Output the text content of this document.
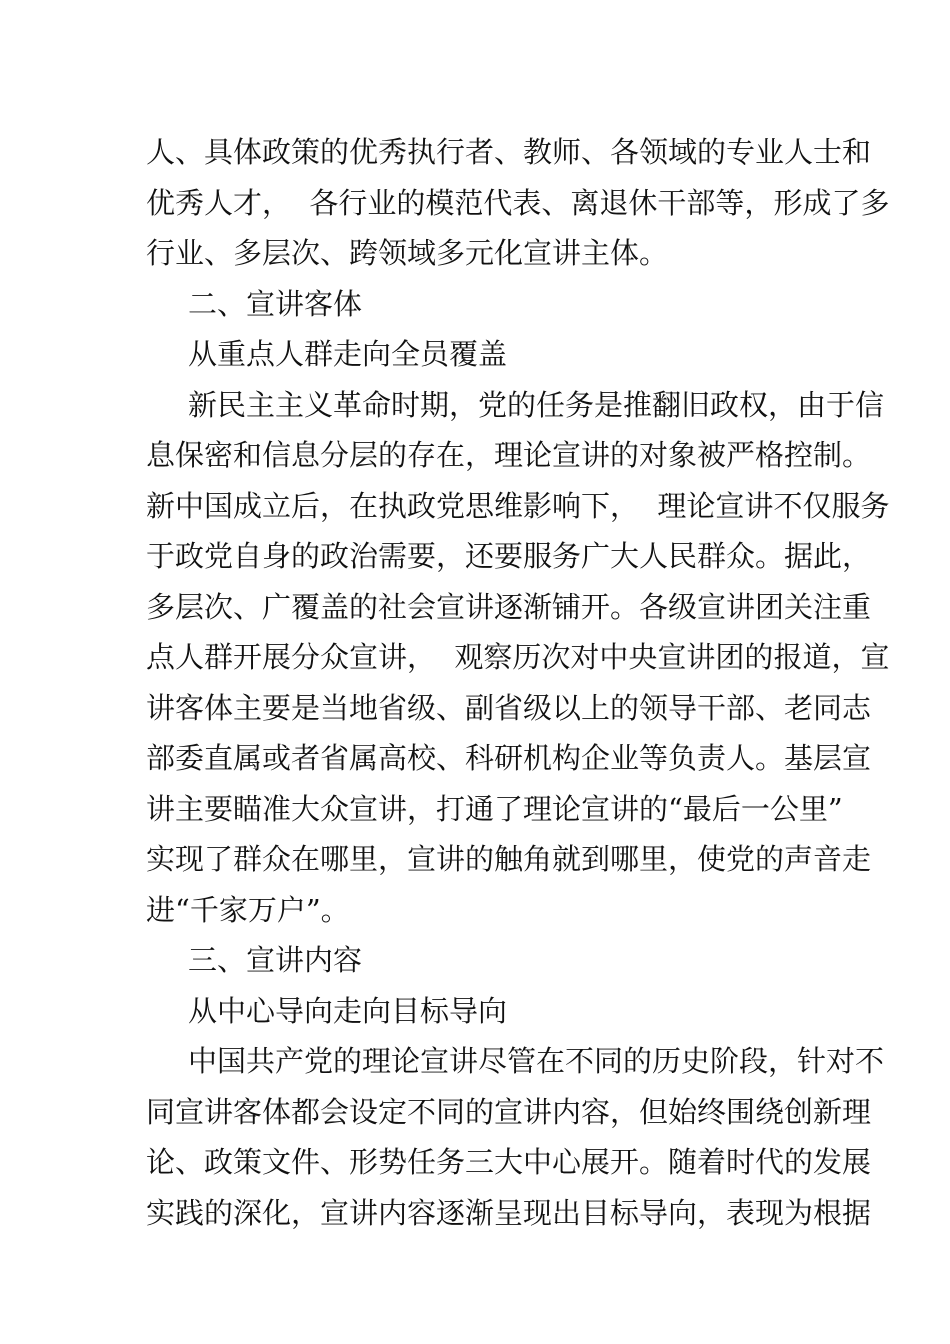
人、具体政策的优秀执行者、教师、各领域的专业人士和
优秀人才，  各行业的模范代表、离退休干部等，形成了多
行业、多层次、跨领域多元化宣讲主体。
二、宣讲客体
从重点人群走向全员覆盖
新民主主义革命时期，党的任务是推翻旧政权，由于信
息保密和信息分层的存在，理论宣讲的对象被严格控制。
新中国成立后，在执政党思维影响下，  理论宣讲不仅服务
于政党自身的政治需要，还要服务广大人民群众。据此，
多层次、广覆盖的社会宣讲逐渐铺开。各级宣讲团关注重
点人群开展分众宣讲，  观察历次对中央宣讲团的报道，宣
讲客体主要是当地省级、副省级以上的领导干部、老同志
部委直属或者省属高校、科研机构企业等负责人。基层宣
讲主要瞄准大众宣讲，打通了理论宣讲的“最后一公里”
实现了群众在哪里，宣讲的触角就到哪里，使党的声音走
进“千家万户”。
三、宣讲内容
从中心导向走向目标导向
中国共产党的理论宣讲尽管在不同的历史阶段，针对不
同宣讲客体都会设定不同的宣讲内容，但始终围绕创新理
论、政策文件、形势任务三大中心展开。随着时代的发展
实践的深化，宣讲内容逐渐呈现出目标导向，表现为根据
